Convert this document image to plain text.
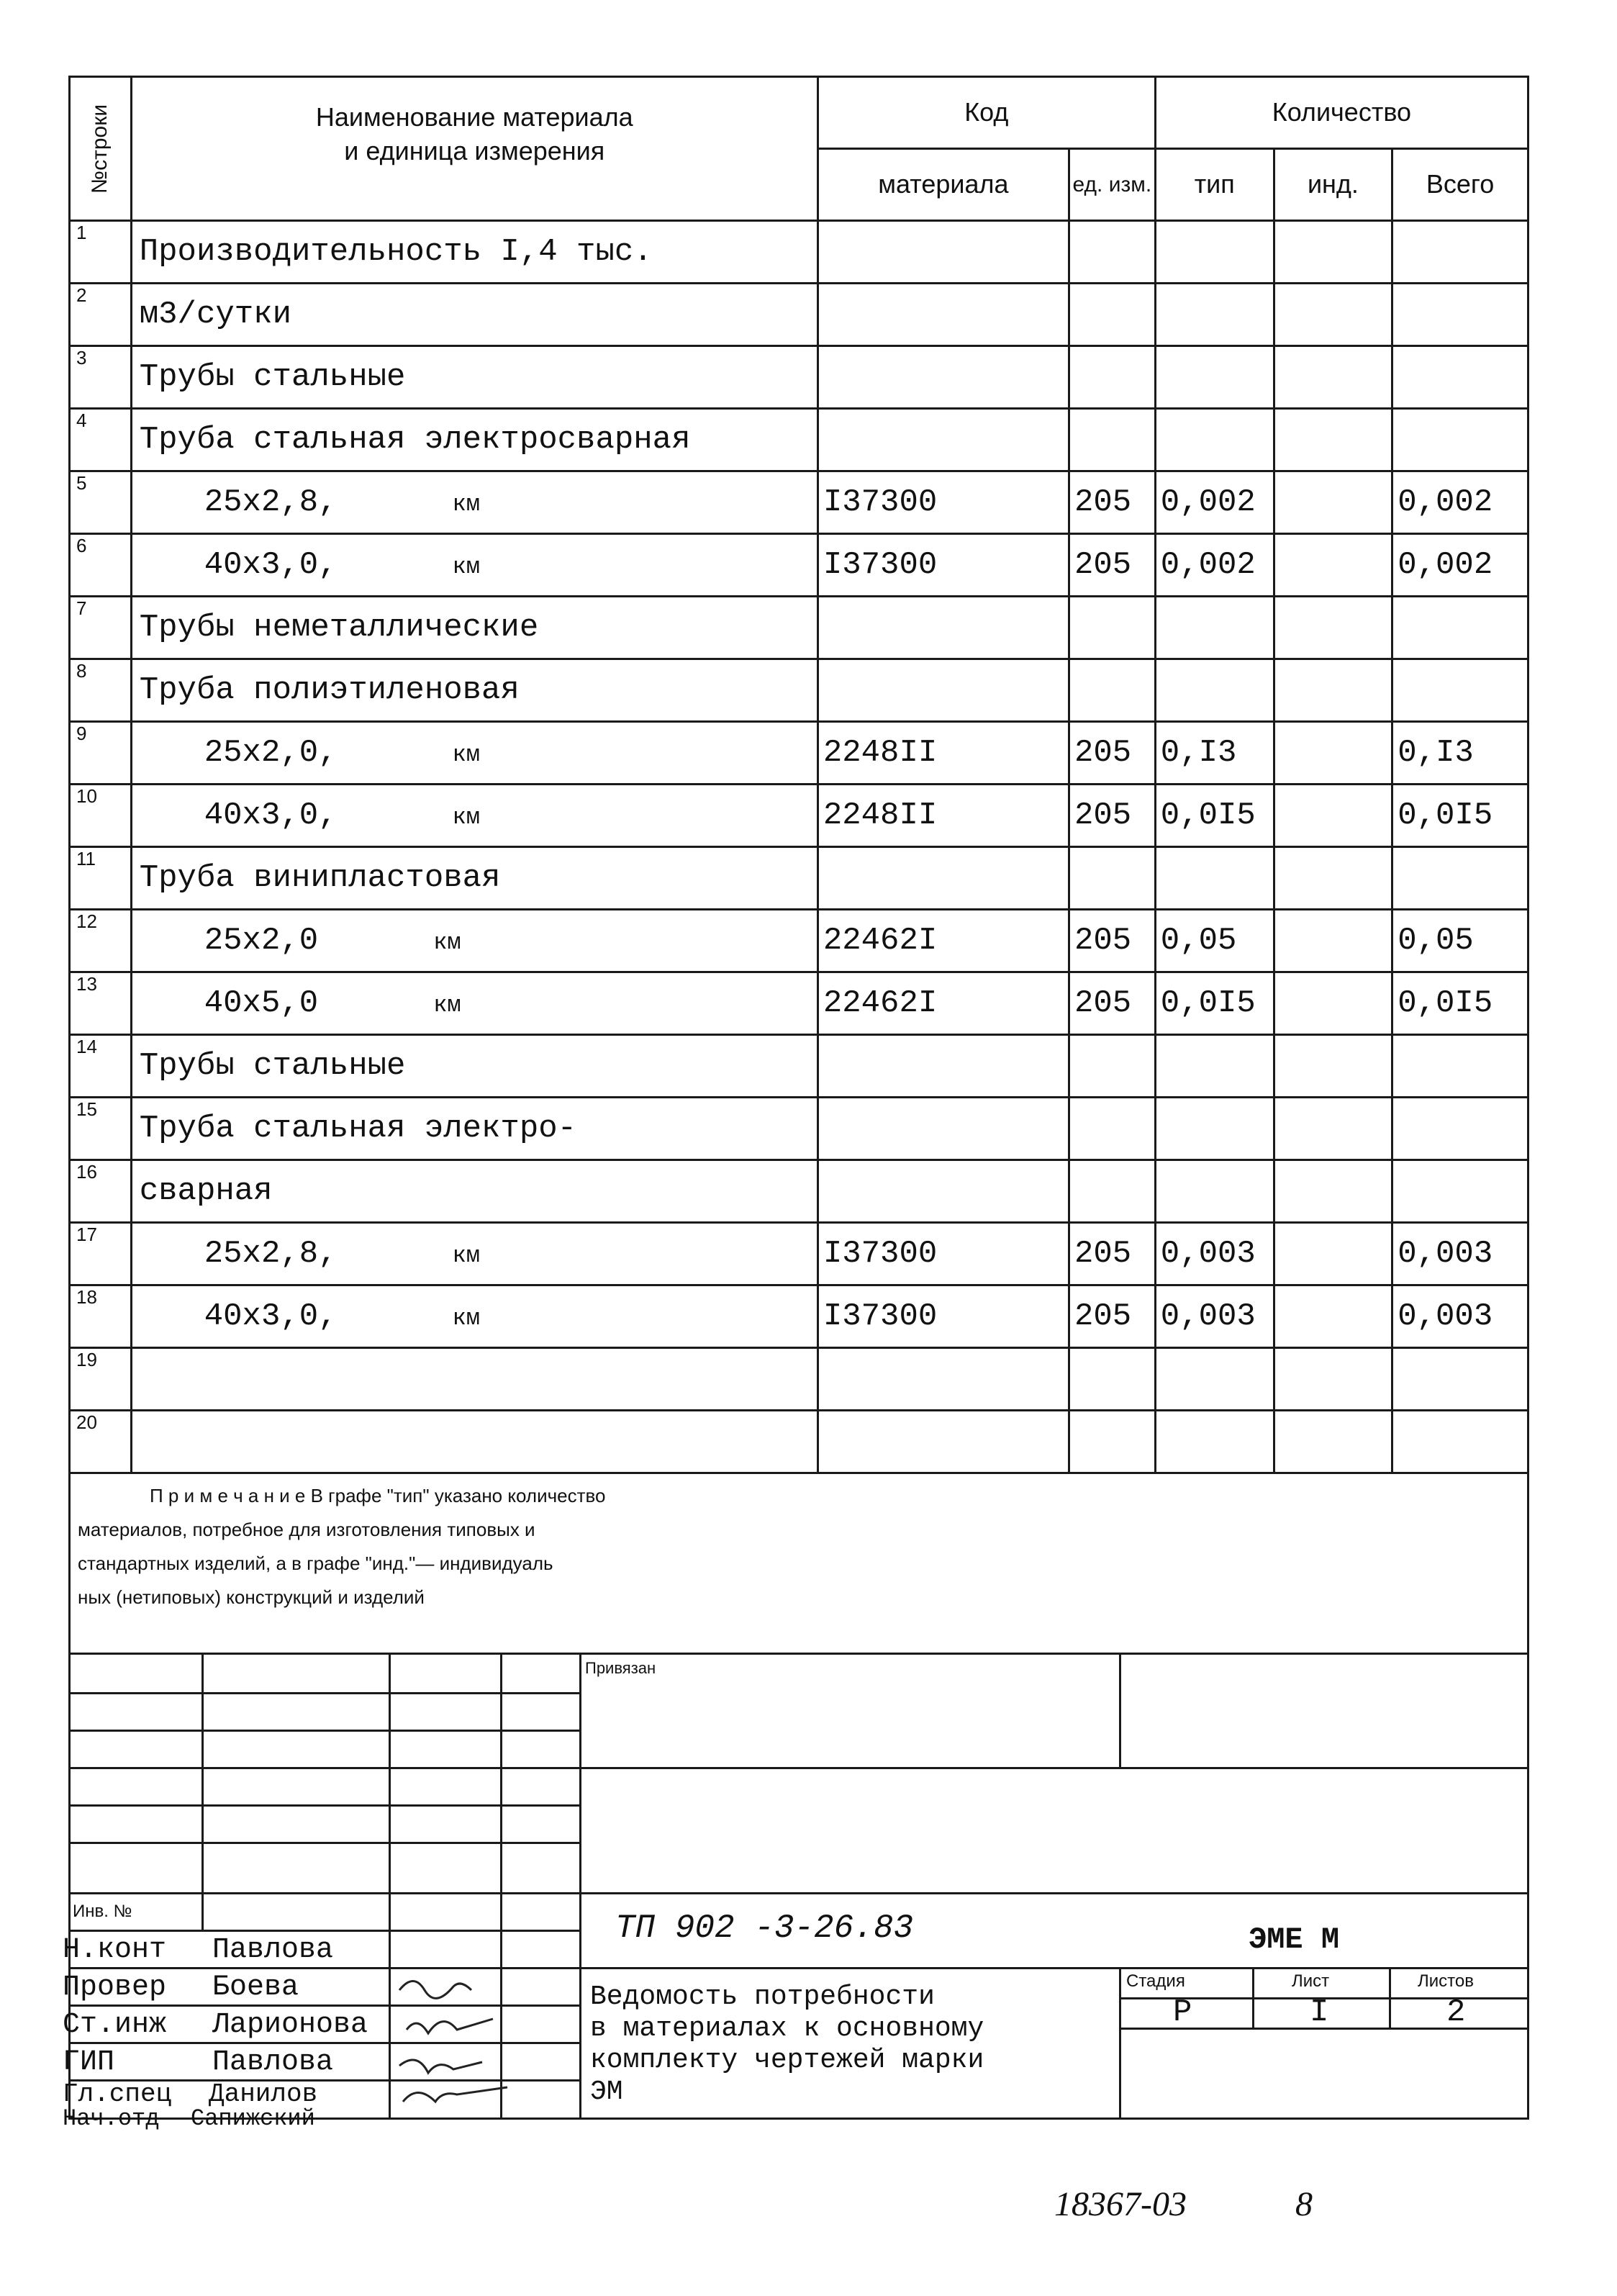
№строки	Наименование материала
и единица измерения	Код		Количество		
		материала	ед. изм.	тип	инд.	Всего
1	Производительность I,4 тыс.					
2	м3/сутки					
3	Трубы стальные					
4	Труба стальная электросварная					
5	25х2,8, км	I37300	205	0,002		0,002
6	40х3,0, км	I37300	205	0,002		0,002
7	Трубы неметаллические					
8	Труба полиэтиленовая					
9	25х2,0, км	2248II	205	0,I3		0,I3
10	40х3,0, км	2248II	205	0,0I5		0,0I5
11	Труба винипластовая					
12	25х2,0 км	22462I	205	0,05		0,05
13	40х5,0 км	22462I	205	0,0I5		0,0I5
14	Трубы стальные					
15	Труба стальная электро-					
16	сварная					
17	25х2,8, км	I37300	205	0,003		0,003
18	40х3,0, км	I37300	205	0,003		0,003
19						
20						
П р и м е ч а н и е В графе "тип" указано количество
материалов, потребное для изготовления типовых и
стандартных изделий, а в графе "инд."— индивидуаль
ных (нетиповых) конструкций и изделий
Привязан
Инв. №	ТП 902 -3-26.83	ЭМЕ М
Ведомость потребности
в материалах к основному
комплекту чертежей марки
ЭМ
Стадия	Лист	Листов
Р	I	2
Н.конт Павлова
Провер Боева
Ст.инж Ларионова
ГИП	Павлова
Гл.спец Данилов
Нач.отд Сапижский
18367-03	8
